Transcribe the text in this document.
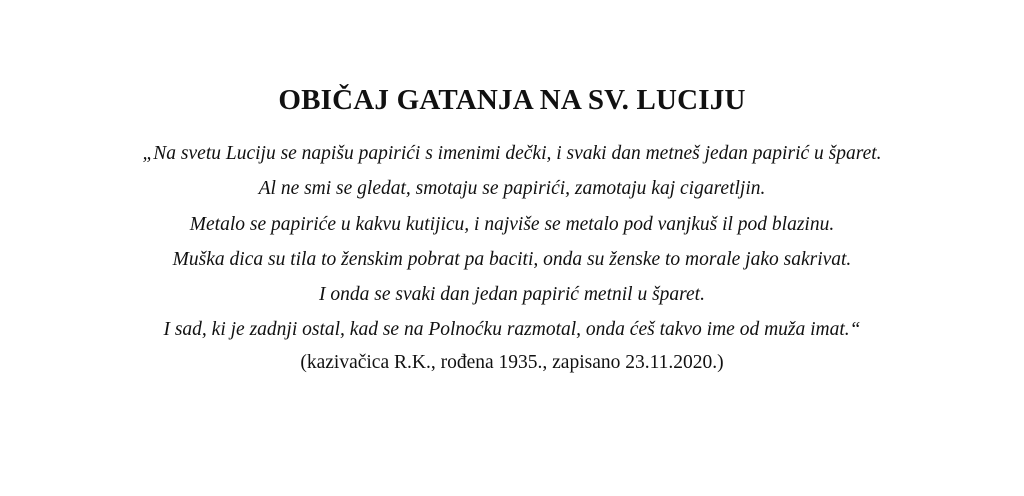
OBIČAJ GATANJA NA SV. LUCIJU
„Na svetu Luciju se napišu papirići s imenimi dečki, i svaki dan metneš jedan papirić u šparet.
Al ne smi se gledat, smotaju se papirići, zamotaju kaj cigaretljin.
Metalo se papiriće u kakvu kutijicu, i najviše se metalo pod vanjkuš il pod blazinu.
Muška dica su tila to ženskim pobrat pa baciti, onda su ženske to morale jako sakrivat.
I onda se svaki dan jedan papirić metnil u šparet.
I sad, ki je zadnji ostal, kad se na Polnoćku razmotal, onda ćeš takvo ime od muža imat.“
(kazivačica R.K., rođena 1935., zapisano 23.11.2020.)
